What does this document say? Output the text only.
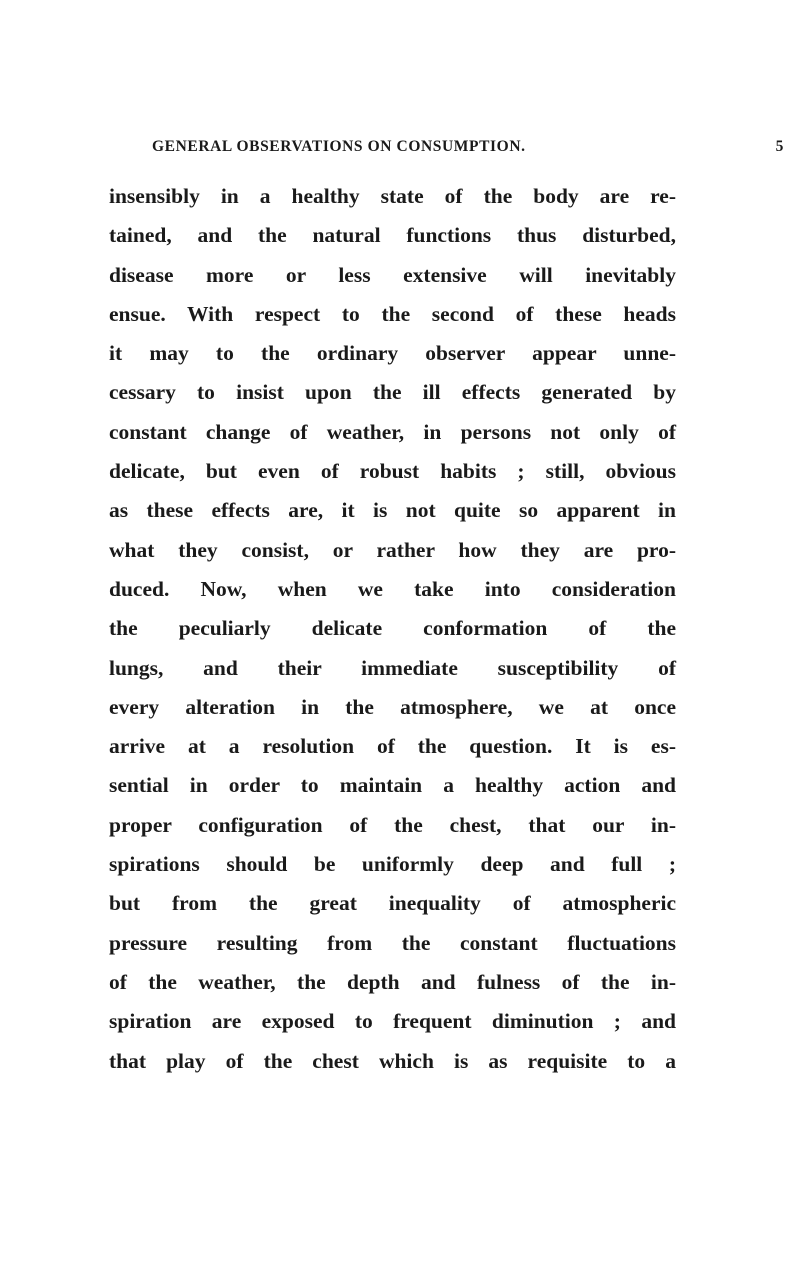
GENERAL OBSERVATIONS ON CONSUMPTION.	5
insensibly in a healthy state of the body are re-
tained, and the natural functions thus disturbed,
disease more or less extensive will inevitably
ensue. With respect to the second of these heads
it may to the ordinary observer appear unne-
cessary to insist upon the ill effects generated by
constant change of weather, in persons not only of
delicate, but even of robust habits ; still, obvious
as these effects are, it is not quite so apparent in
what they consist, or rather how they are pro-
duced. Now, when we take into consideration
the peculiarly delicate conformation of the
lungs, and their immediate susceptibility of
every alteration in the atmosphere, we at once
arrive at a resolution of the question. It is es-
sential in order to maintain a healthy action and
proper configuration of the chest, that our in-
spirations should be uniformly deep and full ;
but from the great inequality of atmospheric
pressure resulting from the constant fluctuations
of the weather, the depth and fulness of the in-
spiration are exposed to frequent diminution ; and
that play of the chest which is as requisite to a
